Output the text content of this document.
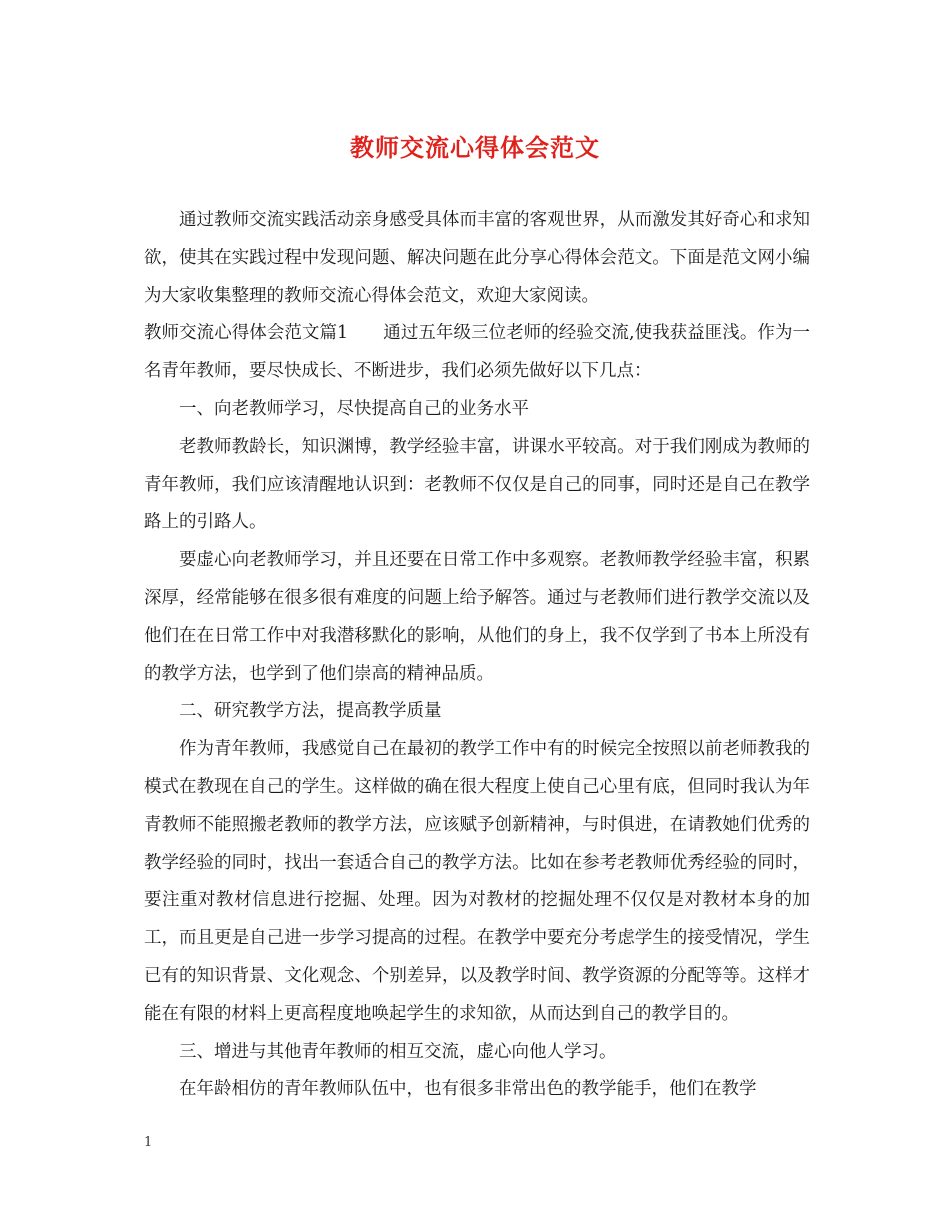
教师交流心得体会范文

通过教师交流实践活动亲身感受具体而丰富的客观世界，从而激发其好奇心和求知欲，使其在实践过程中发现问题、解决问题在此分享心得体会范文。下面是范文网小编为大家收集整理的教师交流心得体会范文，欢迎大家阅读。

教师交流心得体会范文篇1　　通过五年级三位老师的经验交流,使我获益匪浅。作为一名青年教师，要尽快成长、不断进步，我们必须先做好以下几点：

一、向老教师学习，尽快提高自己的业务水平

老教师教龄长，知识渊博，教学经验丰富，讲课水平较高。对于我们刚成为教师的青年教师，我们应该清醒地认识到：老教师不仅仅是自己的同事，同时还是自己在教学路上的引路人。

要虚心向老教师学习，并且还要在日常工作中多观察。老教师教学经验丰富，积累深厚，经常能够在很多很有难度的问题上给予解答。通过与老教师们进行教学交流以及他们在在日常工作中对我潜移默化的影响，从他们的身上，我不仅学到了书本上所没有的教学方法，也学到了他们崇高的精神品质。

二、研究教学方法，提高教学质量

作为青年教师，我感觉自己在最初的教学工作中有的时候完全按照以前老师教我的模式在教现在自己的学生。这样做的确在很大程度上使自己心里有底，但同时我认为年青教师不能照搬老教师的教学方法，应该赋予创新精神，与时俱进，在请教她们优秀的教学经验的同时，找出一套适合自己的教学方法。比如在参考老教师优秀经验的同时，要注重对教材信息进行挖掘、处理。因为对教材的挖掘处理不仅仅是对教材本身的加工，而且更是自己进一步学习提高的过程。在教学中要充分考虑学生的接受情况，学生已有的知识背景、文化观念、个别差异，以及教学时间、教学资源的分配等等。这样才能在有限的材料上更高程度地唤起学生的求知欲，从而达到自己的教学目的。

三、增进与其他青年教师的相互交流，虚心向他人学习。

在年龄相仿的青年教师队伍中，也有很多非常出色的教学能手，他们在教学

1
